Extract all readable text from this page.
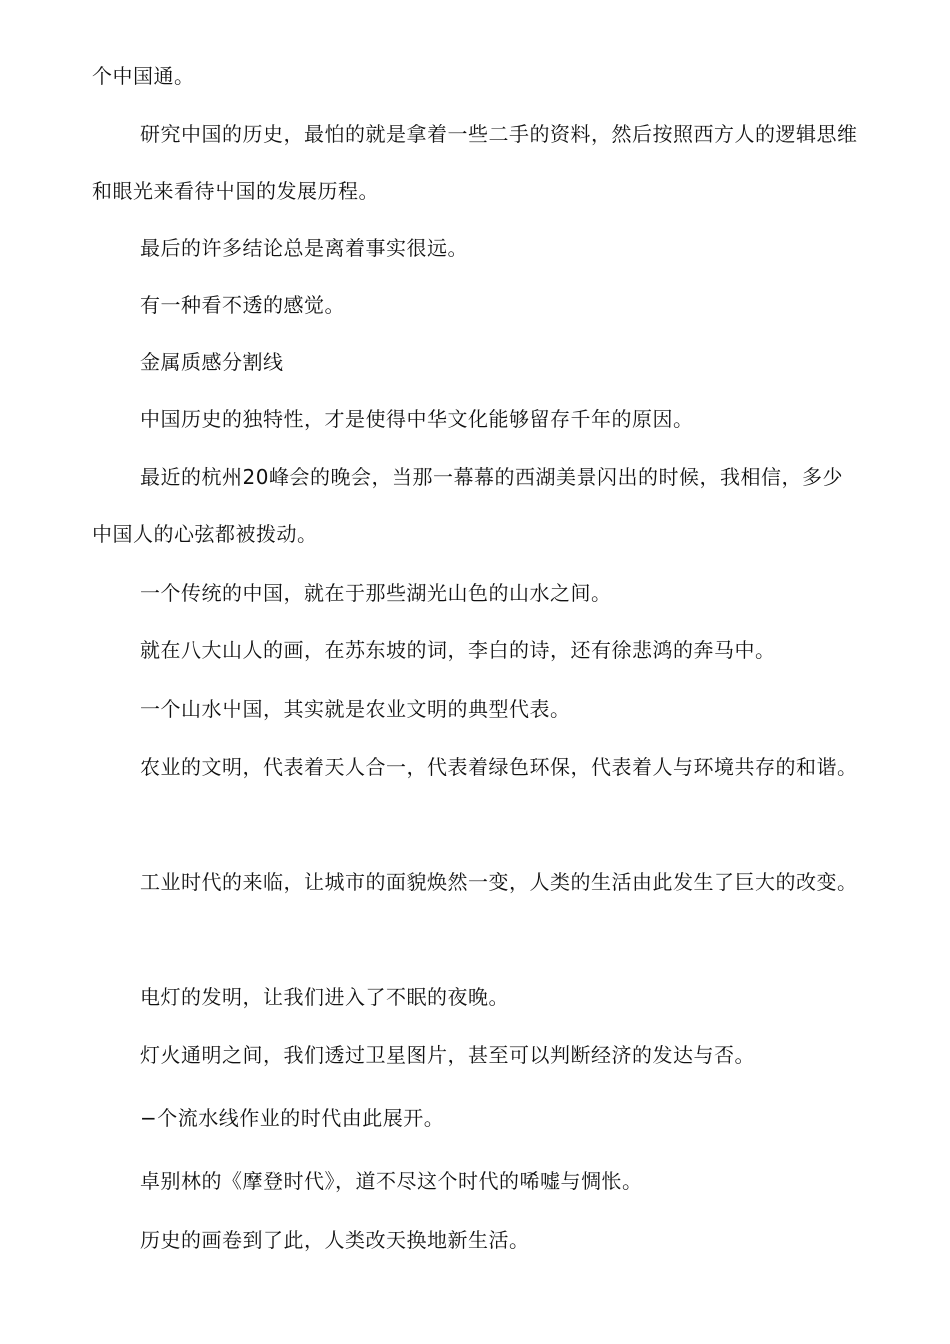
个中国通。

研究中国的历史，最怕的就是拿着一些二手的资料，然后按照西方人的逻辑思维和眼光来看待屮国的发展历程。

最后的许多结论总是离着事实很远。

有一种看不透的感觉。

金属质感分割线

中国历史的独特性，才是使得中华文化能够留存千年的原因。

最近的杭州20峰会的晚会，当那一幕幕的西湖美景闪出的时候，我相信，多少中国人的心弦都被拨动。

一个传统的中国，就在于那些湖光山色的山水之间。

就在八大山人的画，在苏东坡的词，李白的诗，还有徐悲鸿的奔马中。

一个山水屮国，其实就是农业文明的典型代表。

农业的文明，代表着天人合一，代表着绿色环保，代表着人与环境共存的和谐。

工业时代的来临，让城市的面貌焕然一变，人类的生活由此发生了巨大的改变。

电灯的发明，让我们进入了不眠的夜晚。

灯火通明之间，我们透过卫星图片，甚至可以判断经济的发达与否。

−个流水线作业的时代由此展开。

卓别林的《摩登时代》，道不尽这个时代的唏嘘与惆怅。

历史的画卷到了此，人类改天换地新生活。
